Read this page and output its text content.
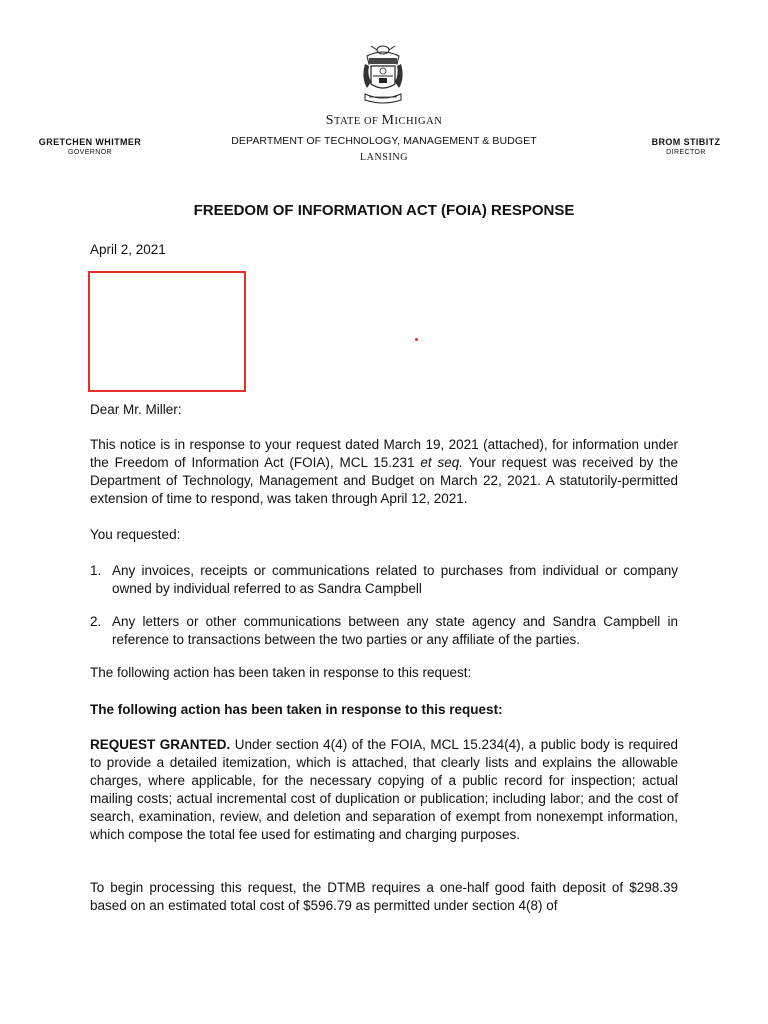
STATE OF MICHIGAN
DEPARTMENT OF TECHNOLOGY, MANAGEMENT & BUDGET
LANSING
GRETCHEN WHITMER
GOVERNOR
BROM STIBITZ
DIRECTOR
FREEDOM OF INFORMATION ACT (FOIA) RESPONSE
April 2, 2021
Dear Mr. Miller:
This notice is in response to your request dated March 19, 2021 (attached), for information under the Freedom of Information Act (FOIA), MCL 15.231 et seq. Your request was received by the Department of Technology, Management and Budget on March 22, 2021. A statutorily-permitted extension of time to respond, was taken through April 12, 2021.
You requested:
1. Any invoices, receipts or communications related to purchases from individual or company owned by individual referred to as Sandra Campbell
2. Any letters or other communications between any state agency and Sandra Campbell in reference to transactions between the two parties or any affiliate of the parties.
The following action has been taken in response to this request:
The following action has been taken in response to this request:
REQUEST GRANTED. Under section 4(4) of the FOIA, MCL 15.234(4), a public body is required to provide a detailed itemization, which is attached, that clearly lists and explains the allowable charges, where applicable, for the necessary copying of a public record for inspection; actual mailing costs; actual incremental cost of duplication or publication; including labor; and the cost of search, examination, review, and deletion and separation of exempt from nonexempt information, which compose the total fee used for estimating and charging purposes.
To begin processing this request, the DTMB requires a one-half good faith deposit of $298.39 based on an estimated total cost of $596.79 as permitted under section 4(8) of
